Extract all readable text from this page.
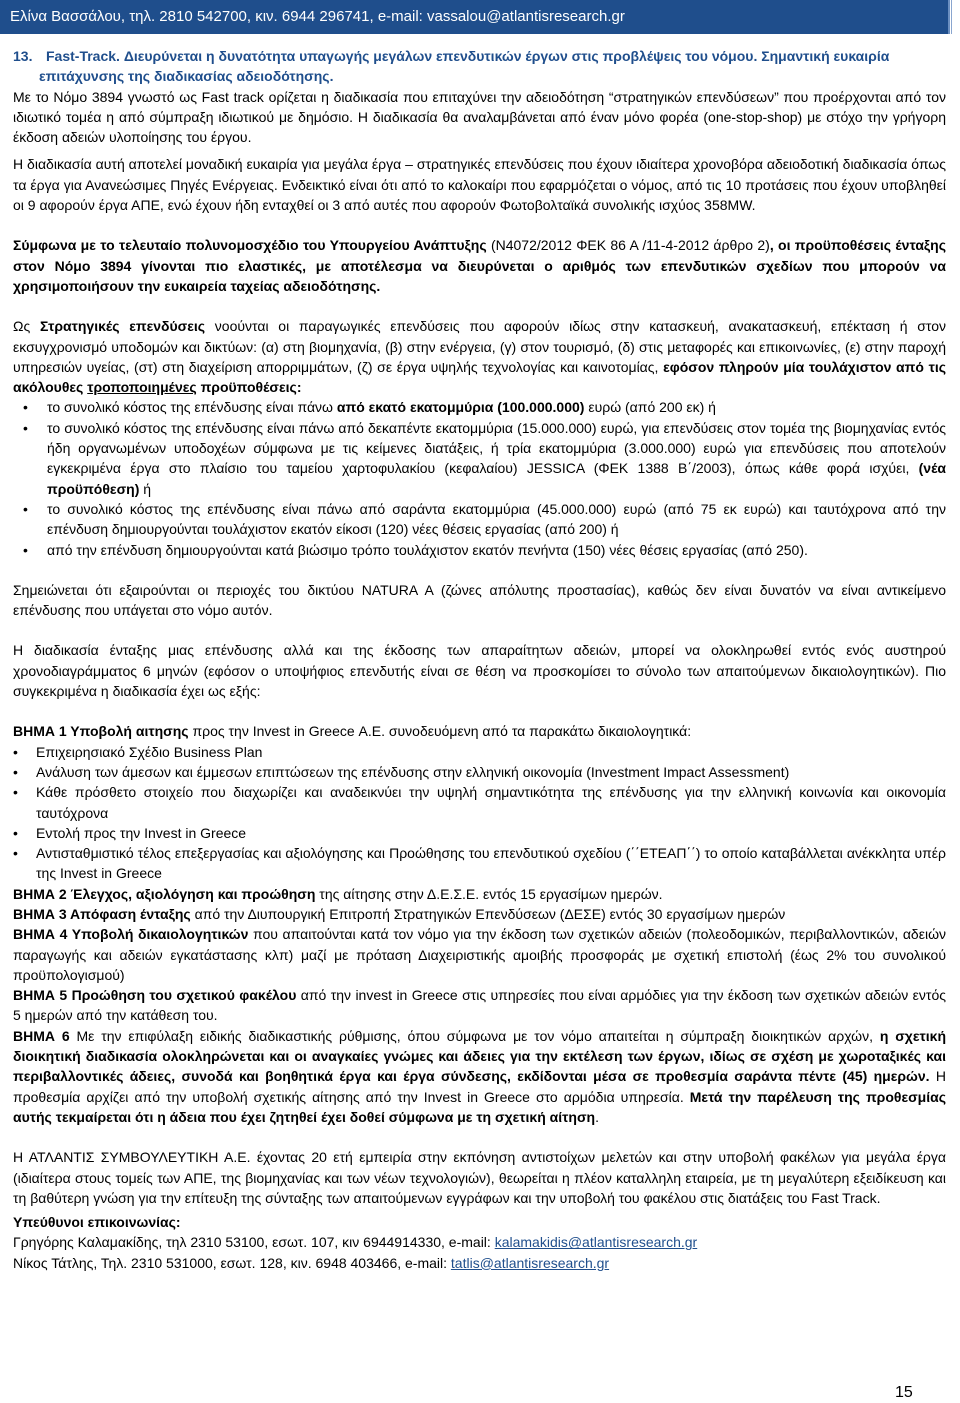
Ελίνα Βασσάλου, τηλ. 2810 542700, κιν. 6944 296741, e-mail: vassalou@atlantisresearch.gr
13. Fast-Track. Διευρύνεται η δυνατότητα υπαγωγής μεγάλων επενδυτικών έργων στις προβλέψεις του νόμου. Σημαντική ευκαιρία επιτάχυνσης της διαδικασίας αδειοδότησης.

Με το Νόμο 3894 γνωστό ως Fast track ορίζεται η διαδικασία που επιταχύνει την αδειοδότηση “στρατηγικών επενδύσεων” που προέρχονται από τον ιδιωτικό τομέα η από σύμπραξη ιδιωτικού με δημόσιο. Η διαδικασία θα αναλαμβάνεται από έναν μόνο φορέα (one-stop-shop) με στόχο την γρήγορη έκδοση αδειών υλοποίησης του έργου.

Η διαδικασία αυτή αποτελεί μοναδική ευκαιρία για μεγάλα έργα – στρατηγικές επενδύσεις που έχουν ιδιαίτερα χρονοβόρα αδειοδοτική διαδικασία όπως τα έργα για Ανανεώσιμες Πηγές Ενέργειας. Ενδεικτικό είναι ότι από το καλοκαίρι που εφαρμόζεται ο νόμος, από τις 10 προτάσεις που έχουν υποβληθεί οι 9 αφορούν έργα ΑΠΕ, ενώ έχουν ήδη ενταχθεί οι 3 από αυτές που αφορούν Φωτοβολταϊκά συνολικής ισχύος 358MW.

Σύμφωνα με το τελευταίο πολυνομοσχέδιο του Υπουργείου Ανάπτυξης (Ν4072/2012 ΦΕΚ 86 Α /11-4-2012 άρθρο 2), οι προϋποθέσεις ένταξης στον Νόμο 3894 γίνονται πιο ελαστικές, με αποτέλεσμα να διευρύνεται ο αριθμός των επενδυτικών σχεδίων που μπορούν να χρησιμοποιήσουν την ευκαιρεία ταχείας αδειοδότησης.

Ως Στρατηγικές επενδύσεις νοούνται οι παραγωγικές επενδύσεις που αφορούν ιδίως στην κατασκευή, ανακατασκευή, επέκταση ή στον εκσυγχρονισμό υποδομών και δικτύων: (α) στη βιομηχανία, (β) στην ενέργεια, (γ) στον τουρισμό, (δ) στις μεταφορές και επικοινωνίες, (ε) στην παροχή υπηρεσιών υγείας, (στ) στη διαχείριση απορριμμάτων, (ζ) σε έργα υψηλής τεχνολογίας και καινοτομίας, εφόσον πληρούν μία τουλάχιστον από τις ακόλουθες τροποποιημένες προϋποθέσεις:

• το συνολικό κόστος της επένδυσης είναι πάνω από εκατό εκατομμύρια (100.000.000) ευρώ (από 200 εκ) ή
• το συνολικό κόστος της επένδυσης είναι πάνω από δεκαπέντε εκατομμύρια (15.000.000) ευρώ, για επενδύσεις στον τομέα της βιομηχανίας εντός ήδη οργανωμένων υποδοχέων σύμφωνα με τις κείμενες διατάξεις, ή τρία εκατομμύρια (3.000.000) ευρώ για επενδύσεις που αποτελούν εγκεκριμένα έργα στο πλαίσιο του ταμείου χαρτοφυλακίου (κεφαλαίου) JESSICA (ΦΕΚ 1388 Β΄/2003), όπως κάθε φορά ισχύει, (νέα προϋπόθεση) ή
• το συνολικό κόστος της επένδυσης είναι πάνω από σαράντα εκατομμύρια (45.000.000) ευρώ (από 75 εκ ευρώ) και ταυτόχρονα από την επένδυση δημιουργούνται τουλάχιστον εκατόν είκοσι (120) νέες θέσεις εργασίας (από 200) ή
• από την επένδυση δημιουργούνται κατά βιώσιμο τρόπο τουλάχιστον εκατόν πενήντα (150) νέες θέσεις εργασίας (από 250).

Σημειώνεται ότι εξαιρούνται οι περιοχές του δικτύου NATURA A (ζώνες απόλυτης προστασίας), καθώς δεν είναι δυνατόν να είναι αντικείμενο επένδυσης που υπάγεται στο νόμο αυτόν.

Η διαδικασία ένταξης μιας επένδυσης αλλά και της έκδοσης των απαραίτητων αδειών, μπορεί να ολοκληρωθεί εντός ενός αυστηρού χρονοδιαγράμματος 6 μηνών (εφόσον ο υποψήφιος επενδυτής είναι σε θέση να προσκομίσει το σύνολο των απαιτούμενων δικαιολογητικών). Πιο συγκεκριμένα η διαδικασία έχει ως εξής:

ΒΗΜΑ 1 Υποβολή αιτησης προς την Invest in Greece Α.Ε. συνοδευόμενη από τα παρακάτω δικαιολογητικά:

• Επιχειρησιακό Σχέδιο Business Plan
• Ανάλυση των άμεσων και έμμεσων επιπτώσεων της επένδυσης στην ελληνική οικονομία (Investment Impact Assessment)
• Κάθε πρόσθετο στοιχείο που διαχωρίζει και αναδεικνύει την υψηλή σημαντικότητα της επένδυσης για την ελληνική κοινωνία και οικονομία ταυτόχρονα
• Εντολή προς την Invest in Greece
• Αντισταθμιστικό τέλος επεξεργασίας και αξιολόγησης και Προώθησης του επενδυτικού σχεδίου (΄΄ΕΤΕΑΠ΄΄) το οποίο καταβάλλεται ανέκκλητα υπέρ της Invest in Greece

ΒΗΜΑ 2 Έλεγχος, αξιολόγηση και προώθηση της αίτησης στην Δ.Ε.Σ.Ε. εντός 15 εργασίμων ημερών.

ΒΗΜΑ 3 Απόφαση ένταξης από την Διυπουργική Επιτροπή Στρατηγικών Επενδύσεων (ΔΕΣΕ) εντός 30 εργασίμων ημερών

ΒΗΜΑ 4 Υποβολή δικαιολογητικών που απαιτούνται κατά τον νόμο για την έκδοση των σχετικών αδειών (πολεοδομικών, περιβαλλοντικών, αδειών παραγωγής και αδειών εγκατάστασης κλπ) μαζί με πρόταση Διαχειριστικής αμοιβής προσφοράς με σχετική επιστολή (έως 2% του συνολικού προϋπολογισμού)

ΒΗΜΑ 5 Προώθηση του σχετικού φακέλου από την invest in Greece στις υπηρεσίες που είναι αρμόδιες για την έκδοση των σχετικών αδειών εντός 5 ημερών από την κατάθεση του.

ΒΗΜΑ 6 Με την επιφύλαξη ειδικής διαδικαστικής ρύθμισης, όπου σύμφωνα με τον νόμο απαιτείται η σύμπραξη διοικητικών αρχών, η σχετική διοικητική διαδικασία ολοκληρώνεται και οι αναγκαίες γνώμες και άδειες για την εκτέλεση των έργων, ιδίως σε σχέση με χωροταξικές και περιβαλλοντικές άδειες, συνοδά και βοηθητικά έργα και έργα σύνδεσης, εκδίδονται μέσα σε προθεσμία σαράντα πέντε (45) ημερών. Η προθεσμία αρχίζει από την υποβολή σχετικής αίτησης από την Invest in Greece στο αρμόδια υπηρεσία. Μετά την παρέλευση της προθεσμίας αυτής τεκμαίρεται ότι η άδεια που έχει ζητηθεί έχει δοθεί σύμφωνα με τη σχετική αίτηση.

Η ΑΤΛΑΝΤΙΣ ΣΥΜΒΟΥΛΕΥΤΙΚΗ Α.Ε. έχοντας 20 ετή εμπειρία στην εκπόνηση αντιστοίχων μελετών και στην υποβολή φακέλων για μεγάλα έργα (ιδιαίτερα στους τομείς των ΑΠΕ, της βιομηχανίας και των νέων τεχνολογιών), θεωρείται η πλέον καταλληλη εταιρεία, με τη μεγαλύτερη εξειδίκευση και τη βαθύτερη γνώση για την επίτευξη της σύνταξης των απαιτούμενων εγγράφων και την υποβολή του φακέλου στις διατάξεις του Fast Track.

Υπεύθυνοι επικοινωνίας:
Γρηγόρης Καλαμακίδης, τηλ 2310 53100, εσωτ. 107, κιν 6944914330, e-mail: kalamakidis@atlantisresearch.gr
Νίκος Τάτλης, Τηλ. 2310 531000, εσωτ. 128, κιν. 6948 403466, e-mail: tatlis@atlantisresearch.gr
15
